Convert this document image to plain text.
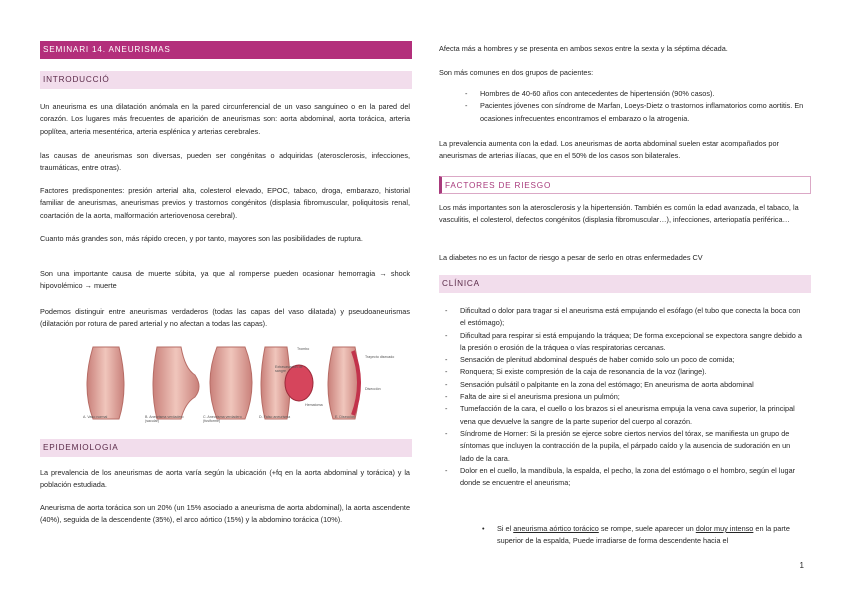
SEMINARI 14. ANEURISMAS
INTRODUCCIÓ

Un aneurisma es una dilatación anómala en la pared circunferencial de un vaso sanguineo o en la pared del corazón. Los lugares más frecuentes de aparición de aneurismas son: aorta abdominal, aorta torácica, arteria poplítea, arteria mesentérica, arteria esplénica y arterias cerebrales.

las causas de aneurismas son diversas, pueden ser congénitas o adquiridas (aterosclerosis, infecciones, traumáticas, entre otras).

Factores predisponentes: presión arterial alta, colesterol elevado, EPOC, tabaco, droga, embarazo, historial familiar de aneurismas, aneurismas previos y trastornos congénitos (displasia fibromuscular, poliquitosis renal, coartación de la aorta, malformación arteriovenosa cerebral).

Cuanto más grandes son, más rápido crecen, y por tanto, mayores son las posibilidades de ruptura.

Son una importante causa de muerte súbita, ya que al romperse pueden ocasionar hemorragia → shock hipovolémico → muerte

Podemos distinguir entre aneurismas verdaderos (todas las capas del vaso dilatada) y pseudoaneurismas (dilatación por rotura de pared arterial y no afectan a todas las capas).

A. Vaso normal	B. Aneurisma verdadero (sacular)
C. Aneurisma verdadero (fusiforme)
D. Falso aneurisma	E. Disección
Trombo
Extravasación de sangre
Hematoma
Trayecto disecado
Disección
EPIDEMIOLOGIA

La prevalencia de los aneurismas de aorta varía según la ubicación (+fq en la aorta abdominal y torácica) y la población estudiada.

Aneurisma de aorta torácica son un 20% (un 15% asociado a aneurisma de aorta abdominal), la aorta ascendente (40%), seguida de la descendente (35%), el arco aórtico (15%) y la abdomino torácica (10%).

Afecta más a hombres y se presenta en ambos sexos entre la sexta y la séptima década.

Son más comunes en dos grupos de pacientes:

- Hombres de 40-60 años con antecedentes de hipertensión (90% casos).
- Pacientes jóvenes con síndrome de Marfan, Loeys-Dietz o trastornos inflamatorios como aortitis. En ocasiones infrecuentes encontramos el embarazo o la atrogenia.

La prevalencia aumenta con la edad. Los aneurismas de aorta abdominal suelen estar acompañados por aneurismas de arterias ilíacas, que en el 50% de los casos son bilaterales.

FACTORES DE RIESGO

Los más importantes son la aterosclerosis y la hipertensión. También es común la edad avanzada, el tabaco, la vasculitis, el colesterol, defectos congénitos (displasia fibromuscular…), infecciones, arteriopatía periférica…

La diabetes no es un factor de riesgo a pesar de serlo en otras enfermedades CV

CLÍNICA
- Dificultad o dolor para tragar si el aneurisma está empujando el esófago (el tubo que conecta la boca con el estómago);
- Dificultad para respirar si está empujando la tráquea; De forma excepcional se expectora sangre debido a la presión o erosión de la tráquea o vías respiratorias cercanas.
- Sensación de plenitud abdominal después de haber comido solo un poco de comida;
- Ronquera; Si existe compresión de la caja de resonancia de la voz (laringe).
- Sensación pulsátil o palpitante en la zona del estómago; En aneurisma de aorta abdominal
- Falta de aire si el aneurisma presiona un pulmón;
- Tumefacción de la cara, el cuello o los brazos si el aneurisma empuja la vena cava superior, la principal vena que devuelve la sangre de la parte superior del cuerpo al corazón.
- Síndrome de Horner: Si la presión se ejerce sobre ciertos nervios del tórax, se manifiesta un grupo de síntomas que incluyen la contracción de la pupila, el párpado caído y la ausencia de sudoración en un lado de la cara.
- Dolor en el cuello, la mandíbula, la espalda, el pecho, la zona del estómago o el hombro, según el lugar donde se encuentre el aneurisma;
• Si el aneurisma aórtico torácico se rompe, suele aparecer un dolor muy intenso en la parte superior de la espalda, Puede irradiarse de forma descendente hacia el
1
